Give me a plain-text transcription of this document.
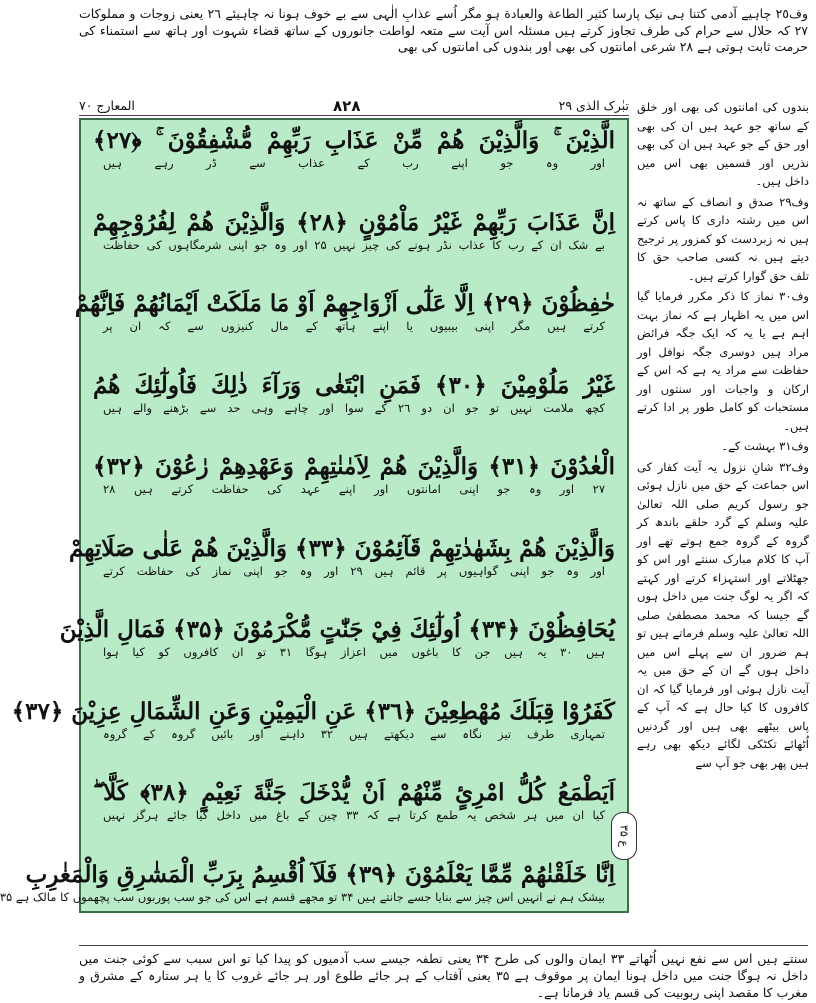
وف٢٥ چاہیے آدمی کتنا ہی نیک پارسا کثیر الطاعة والعبادة ہو مگر اُسے عذابِ الٰہی سے بے خوف ہونا نہ چاہیئے ۲٦ یعنی زوجات و مملوکات ۲۷ کہ حلال سے حرام کی طرف تجاوز کرتے ہیں مسئلہ اس آیت سے متعہ لواطت جانوروں کے ساتھ قضاء شہوت اور ہاتھ سے استمناء کی حرمت ثابت ہوتی ہے ۲۸ شرعی امانتوں کی بھی اور بندوں کی امانتوں کی بھی
تبٰرک الذی ۲۹
۸۲۸
المعارج ۷۰
الَّذِيْنَ ۚ وَالَّذِيْنَ هُمْ مِّنْ عَذَابِ رَبِّهِمْ مُّشْفِقُوْنَ ۚ ﴿۲۷﴾
اور وہ جو اپنے رب کے عذاب سے ڈر رہے ہیں
اِنَّ عَذَابَ رَبِّهِمْ غَيْرُ مَاْمُوْنٍ ﴿۲۸﴾ وَالَّذِيْنَ هُمْ لِفُرُوْجِهِمْ
بے شک ان کے رب کا عذاب نڈر ہونے کی چیز نہیں ۲۵ اور وہ جو اپنی شرمگاہوں کی حفاظت
حٰفِظُوْنَ ﴿۲۹﴾ اِلَّا عَلٰٓى اَزْوَاجِهِمْ اَوْ مَا مَلَكَتْ اَيْمَانُهُمْ فَاِنَّهُمْ
کرتے ہیں مگر اپنی بیبیوں یا اپنے ہاتھ کے مال کنیزوں سے کہ ان پر
غَيْرُ مَلُوْمِيْنَ ﴿۳۰﴾ فَمَنِ ابْتَغٰى وَرَآءَ ذٰلِكَ فَاُولٰٓئِكَ هُمُ
کچھ ملامت نہیں تو جو ان دو ۲٦ کے سوا اور چاہے وہی حد سے بڑھنے والے ہیں
الْعٰدُوْنَ ﴿۳۱﴾ وَالَّذِيْنَ هُمْ لِاَمٰنٰتِهِمْ وَعَهْدِهِمْ رٰعُوْنَ ﴿۳۲﴾
۲۷ اور وہ جو اپنی امانتوں اور اپنے عہد کی حفاظت کرتے ہیں ۲۸
وَالَّذِيْنَ هُمْ بِشَهٰدٰتِهِمْ قَآئِمُوْنَ ﴿۳۳﴾ وَالَّذِيْنَ هُمْ عَلٰى صَلَاتِهِمْ
اور وہ جو اپنی گواہیوں پر قائم ہیں ۲۹ اور وہ جو اپنی نماز کی حفاظت کرتے
يُحَافِظُوْنَ ﴿۳۴﴾ اُولٰٓئِكَ فِيْ جَنّٰتٍ مُّكْرَمُوْنَ ﴿۳۵﴾ فَمَالِ الَّذِيْنَ
ہیں ۳۰ یہ ہیں جن کا باغوں میں اعزاز ہوگا ۳۱ تو ان کافروں کو کیا ہوا
كَفَرُوْا قِبَلَكَ مُهْطِعِيْنَ ﴿۳٦﴾ عَنِ الْيَمِيْنِ وَعَنِ الشِّمَالِ عِزِيْنَ ﴿۳۷﴾
تمہاری طرف تیز نگاہ سے دیکھتے ہیں ۳۲ داہنے اور بائیں گروہ کے گروہ
اَيَطْمَعُ كُلُّ امْرِئٍ مِّنْهُمْ اَنْ يُّدْخَلَ جَنَّةَ نَعِيْمٍ ﴿۳۸﴾ كَلَّا ۖ
کیا ان میں ہر شخص یہ طمع کرتا ہے کہ ۳۳ چین کے باغ میں داخل کیا جائے ہرگز نہیں
اِنَّا خَلَقْنٰهُمْ مِّمَّا يَعْلَمُوْنَ ﴿۳۹﴾ فَلَآ اُقْسِمُ بِرَبِّ الْمَشٰرِقِ وَالْمَغٰرِبِ
بیشک ہم نے انہیں اس چیز سے بنایا جسے جانتے ہیں ۳۴ تو مجھے قسم ہے اس کی جو سب پوربوں سب پچھموں کا مالک ہے ۳۵
ع ۳۵

بندوں کی امانتوں کی بھی اور خلق کے ساتھ جو عہد ہیں ان کی بھی اور حق کے جو عہد ہیں ان کی بھی نذریں اور قسمیں بھی اس میں داخل ہیں۔

وف٢٩ صدق و انصاف کے ساتھ نہ اس میں رشتہ داری کا پاس کرتے ہیں نہ زبردست کو کمزور پر ترجیح دیتے ہیں نہ کسی صاحب حق کا تلف حق گوارا کرتے ہیں۔

وف٣٠ نماز کا ذکر مکرر فرمایا گیا اس میں یہ اظہار ہے کہ نماز بہت اہم ہے یا یہ کہ ایک جگہ فرائض مراد ہیں دوسری جگہ نوافل اور حفاظت سے مراد یہ ہے کہ اس کے ارکان و واجبات اور سنتوں اور مستحبات کو کامل طور پر ادا کرتے ہیں۔

وف٣١ بہشت کے۔

وف٣٢ شانِ نزول یہ آیت کفار کی اس جماعت کے حق میں نازل ہوئی جو رسول کریم صلی اللہ تعالیٰ علیہ وسلم کے گرد حلقے باندھ کر گروہ کے گروہ جمع ہوتے تھے اور آپ کا کلام مبارک سنتے اور اس کو جھٹلاتے اور استہزاء کرتے اور کہتے کہ اگر یہ لوگ جنت میں داخل ہوں گے جیسا کہ محمد مصطفیٰ صلی اللہ تعالیٰ علیہ وسلم فرماتے ہیں تو ہم ضرور ان سے پہلے اس میں داخل ہوں گے ان کے حق میں یہ آیت نازل ہوئی اور فرمایا گیا کہ ان کافروں کا کیا حال ہے کہ آپ کے پاس بیٹھے بھی ہیں اور گردنیں اُٹھائے تکٹکی لگائے دیکھ بھی رہے ہیں پھر بھی جو آپ سے

سنتے ہیں اس سے نفع نہیں اُٹھاتے ۳۳ ایمان والوں کی طرح ۳۴ یعنی نطفہ جیسے سب آدمیوں کو پیدا کیا تو اس سبب سے کوئی جنت میں داخل نہ ہوگا جنت میں داخل ہونا ایمان پر موقوف ہے ۳۵ یعنی آفتاب کے ہر جائے طلوع اور ہر جائے غروب کا یا ہر ستارہ کے مشرق و مغرب کا مقصد اپنی ربوبیت کی قسم یاد فرمانا ہے۔
